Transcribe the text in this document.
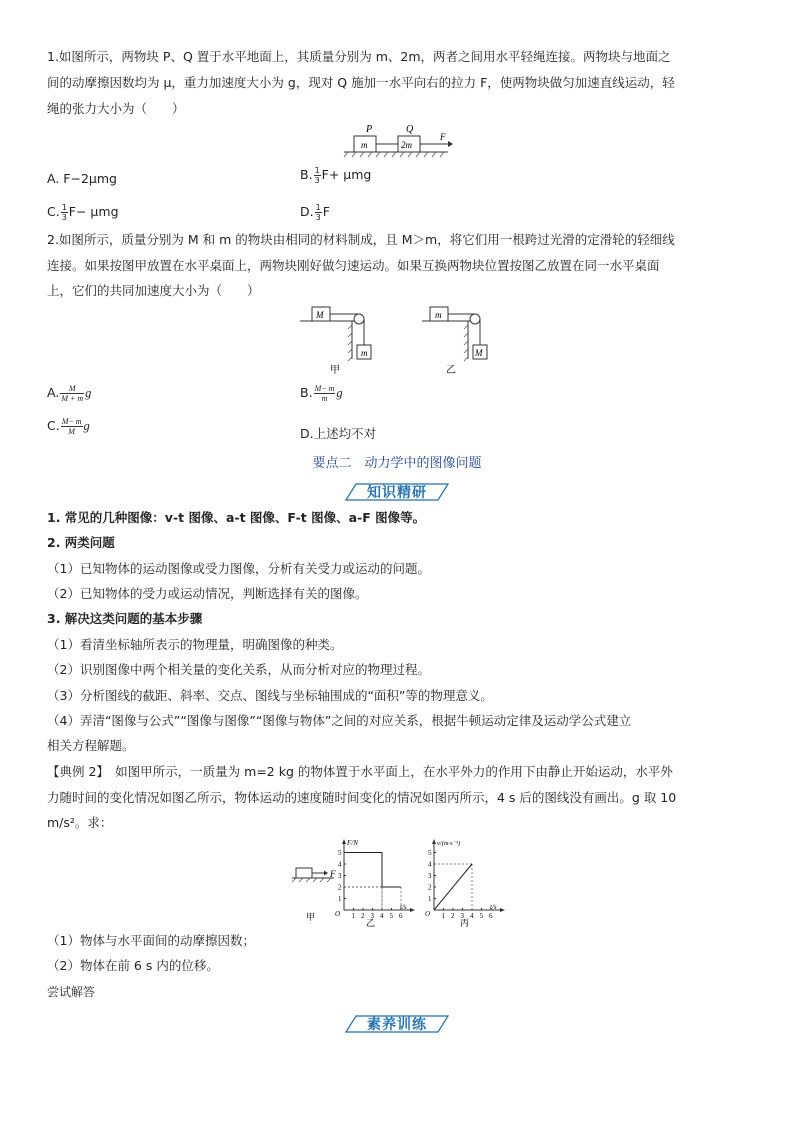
1.如图所示，两物块 P、Q 置于水平地面上，其质量分别为 m、2m，两者之间用水平轻绳连接。两物块与地面之
间的动摩擦因数均为 μ，重力加速度大小为 g，现对 Q 施加一水平向右的拉力 F，使两物块做匀加速直线运动，轻
绳的张力大小为（　　）
P	Q
m	2m
F
A. F−2μmg	B. $\frac{1}{3} F+ \mu mg$
C. $\frac{1}{3} F- \mu mg$	D. $\frac{1}{3}$ F
2.如图所示，质量分别为 M 和 m 的物块由相同的材料制成，且 M＞m，将它们用一根跨过光滑的定滑轮的轻细线
连接。如果按图甲放置在水平桌面上，两物块刚好做匀速运动。如果互换两物块位置按图乙放置在同一水平桌面
上，它们的共同加速度大小为（　　）
M
m
甲
m
M
乙
A. $\frac{M}{M + m}$ g	B. $\frac{M- m}{m}$ g
C. $\frac{M- m}{M}$ g	D.上述均不对
要点二　动力学中的图像问题
知识精研
1. 常见的几种图像：v-t 图像、a-t 图像、F-t 图像、a-F 图像等。
2. 两类问题
（1）已知物体的运动图像或受力图像，分析有关受力或运动的问题。
（2）已知物体的受力或运动情况，判断选择有关的图像。
3. 解决这类问题的基本步骤
（1）看清坐标轴所表示的物理量，明确图像的种类。
（2）识别图像中两个相关量的变化关系，从而分析对应的物理过程。
（3）分析图线的截距、斜率、交点、图线与坐标轴围成的“面积”等的物理意义。
（4）弄清“图像与公式”“图像与图像”“图像与物体”之间的对应关系，根据牛顿运动定律及运动学公式建立
相关方程解题。
【典例 2】　如图甲所示，一质量为 m=2 kg 的物体置于水平面上，在水平外力的作用下由静止开始运动，水平外
力随时间的变化情况如图乙所示，物体运动的速度随时间变化的情况如图丙所示，4 s 后的图线没有画出。g 取 10
m/s²。求：
F
甲
F/N
t/s
O
1
2
3
4
5
1 2 3 4 5 6
乙
v/(m·s⁻¹)
t/s
O
1
2
3
4
5
1 2 3 4 5 6
丙
（1）物体与水平面间的动摩擦因数；
（2）物体在前 6 s 内的位移。
尝试解答
素养训练
